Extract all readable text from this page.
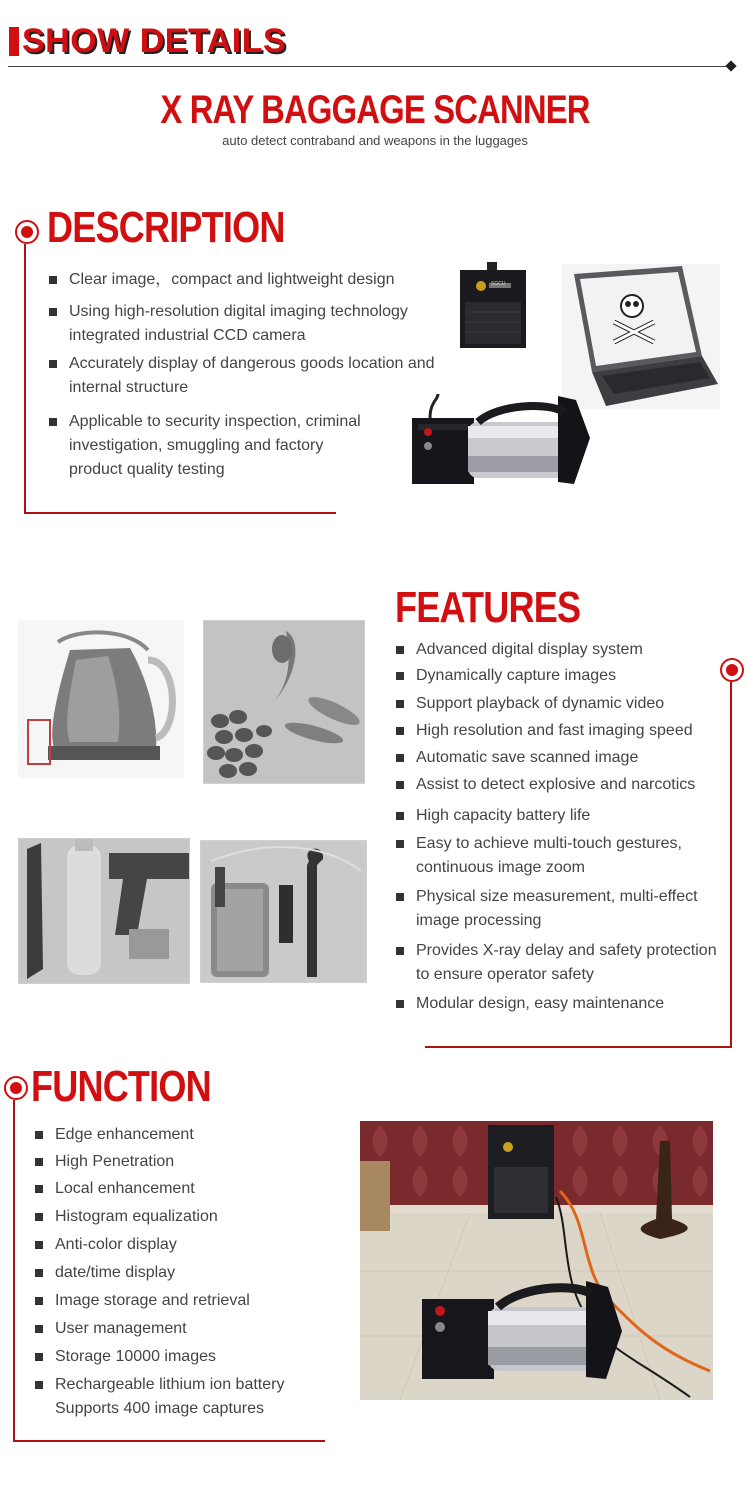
SHOW DETAILS
X RAY BAGGAGE SCANNER
auto detect contraband and weapons in the luggages
DESCRIPTION
Clear image，compact and lightweight design
Using high-resolution digital imaging technology integrated industrial CCD camera
Accurately display of dangerous goods location and internal structure
Applicable to security inspection, criminal investigation, smuggling and factory product quality testing
SGCU
FEATURES
Advanced digital display system
Dynamically capture images
Support playback of dynamic video
High resolution and fast imaging speed
Automatic save scanned image
Assist to detect explosive and narcotics
High capacity battery life
Easy to achieve multi-touch gestures, continuous image zoom
Physical size measurement, multi-effect image processing
Provides X-ray delay and safety protection to ensure operator safety
Modular design, easy maintenance
FUNCTION
Edge enhancement
High Penetration
Local enhancement
Histogram equalization
Anti-color display
date/time display
Image storage and retrieval
User management
Storage 10000 images
Rechargeable lithium ion battery Supports 400 image captures
